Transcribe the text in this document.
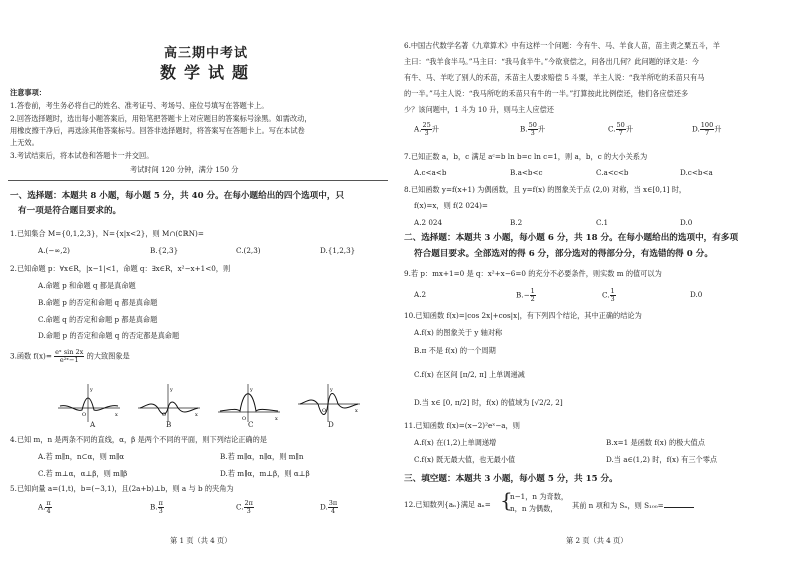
高三期中考试
数学试题
注意事项：
1.答卷前，考生务必将自己的姓名、准考证号、考场号、座位号填写在答题卡上。
2.回答选择题时，选出每小题答案后，用铅笔把答题卡上对应题目的答案标号涂黑。如需改动，
用橡皮擦干净后，再选涂其他答案标号。回答非选择题时，将答案写在答题卡上。写在本试卷
上无效。
3.考试结束后，将本试卷和答题卡一并交回。
考试时间 120 分钟，满分 150 分
一、选择题：本题共 8 小题，每小题 5 分，共 40 分。在每小题给出的四个选项中，只
有一项是符合题目要求的。
1.已知集合 M={0,1,2,3}，N={x|x<2}，则 M∩(∁ℝN)=
A.(−∞,2)	B.{2,3}	C.(2,3)	D.{1,2,3}
2.已知命题 p：∀x∈R，|x−1|<1，命题 q：∃x∈R，x²−x+1<0，则
A.命题 p 和命题 q 都是真命题
B.命题 p 的否定和命题 q 都是真命题
C.命题 q 的否定和命题 p 都是真命题
D.命题 p 的否定和命题 q 的否定都是真命题
3.函数 $f(x)= \frac{\text{eˣ sin 2x}}{\text{e²ˣ−1}}$ 的大致图象是
y
x
O
y
x
O
y
x
O
y
x
O
A	B	C	D
4.已知 m，n 是两条不同的直线，α，β 是两个不同的平面，则下列结论正确的是
A.若 m∥n，n⊂α，则 m∥α	B.若 m∥α，n∥α，则 m∥n
C.若 m⊥α，α⊥β，则 m∥β	D.若 m∥α，m⊥β，则 α⊥β
5.已知向量 a=(1,t)，b=(−3,1)，且(2a+b)⊥b，则 a 与 b 的夹角为
A. $\frac{\pi}{4}$	B. $\frac{\pi}{3}$	C. $\frac{2\pi}{3}$	D. $\frac{3\pi}{4}$
第 1 页（共 4 页）
6.中国古代数学名著《九章算术》中有这样一个问题：今有牛、马、羊食人苗，苗主责之粟五斗，羊
主曰：“我羊食半马。”马主曰：“我马食半牛。”今欲衰偿之，问各出几何？此问题的译文是：今
有牛、马、羊吃了别人的禾苗，禾苗主人要求赔偿 5 斗粟，羊主人说：“我羊所吃的禾苗只有马
的一半。”马主人说：“我马所吃的禾苗只有牛的一半。”打算按此比例偿还，他们各应偿还多
少？该问题中，1 斗为 10 升，则马主人应偿还
A. $\frac{25}{3}$ 升	B. $\frac{50}{3}$ 升	C. $\frac{50}{7}$ 升	D. $\frac{100}{7}$ 升
7.已知正数 a，b，c 满足 aᶜ=b ln b=c ln c=1，则 a，b，c 的大小关系为
A.c<a<b	B.a<b<c	C.a<c<b	D.c<b<a
8.已知函数 y=f(x+1) 为偶函数，且 y=f(x) 的图象关于点 (2,0) 对称，当 x∈[0,1] 时，
f(x)=x，则 f(2 024)=
A.2 024	B.2	C.1	D.0
二、选择题：本题共 3 小题，每小题 6 分，共 18 分。在每小题给出的选项中，有多项
符合题目要求。全部选对的得 6 分，部分选对的得部分分，有选错的得 0 分。
9.若 p：mx+1=0 是 q：x²+x−6=0 的充分不必要条件，则实数 m 的值可以为
A.2	$B.- \frac{1}{2}$	C. $\frac{1}{3}$	D.0
10.已知函数 f(x)=|cos 2x|+cos|x|，有下列四个结论，其中正确的结论为
A.f(x) 的图象关于 y 轴对称
B.π 不是 f(x) 的一个周期
C.f(x) 在区间 [π/2, π] 上单调递减
D.当 x∈ [0, π/2] 时，f(x) 的值域为 [√2/2, 2]
11.已知函数 f(x)=(x−2)²eˣ−a，则
A.f(x) 在(1,2)上单调递增	B.x=1 是函数 f(x) 的极大值点
C.f(x) 既无最大值，也无最小值	D.当 a∈(1,2) 时，f(x) 有三个零点
三、填空题：本题共 3 小题，每小题 5 分，共 15 分。
12.已知数列{aₙ}满足 aₙ= {
n−1，n 为奇数，
n，n 为偶数， 其前 n 项和为 Sₙ，则 S₁₀₀=
第 2 页（共 4 页）
